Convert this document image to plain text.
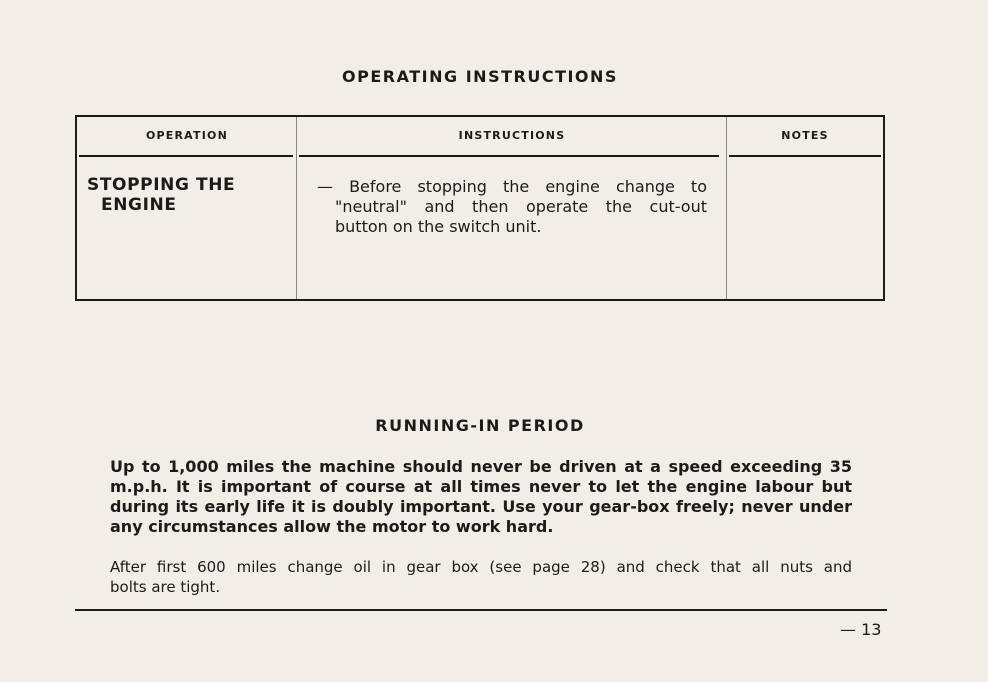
OPERATING INSTRUCTIONS
OPERATION	INSTRUCTIONS	NOTES
STOPPING THE
ENGINE
— Before stopping the engine change to
"neutral" and then operate the cut-out
button on the switch unit.
RUNNING-IN PERIOD
Up to 1,000 miles the machine should never be driven at a speed exceeding 35
m.p.h. It is important of course at all times never to let the engine labour but
during its early life it is doubly important. Use your gear-box freely; never under
any circumstances allow the motor to work hard.
After first 600 miles change oil in gear box (see page 28) and check that all nuts and
bolts are tight.
— 13
